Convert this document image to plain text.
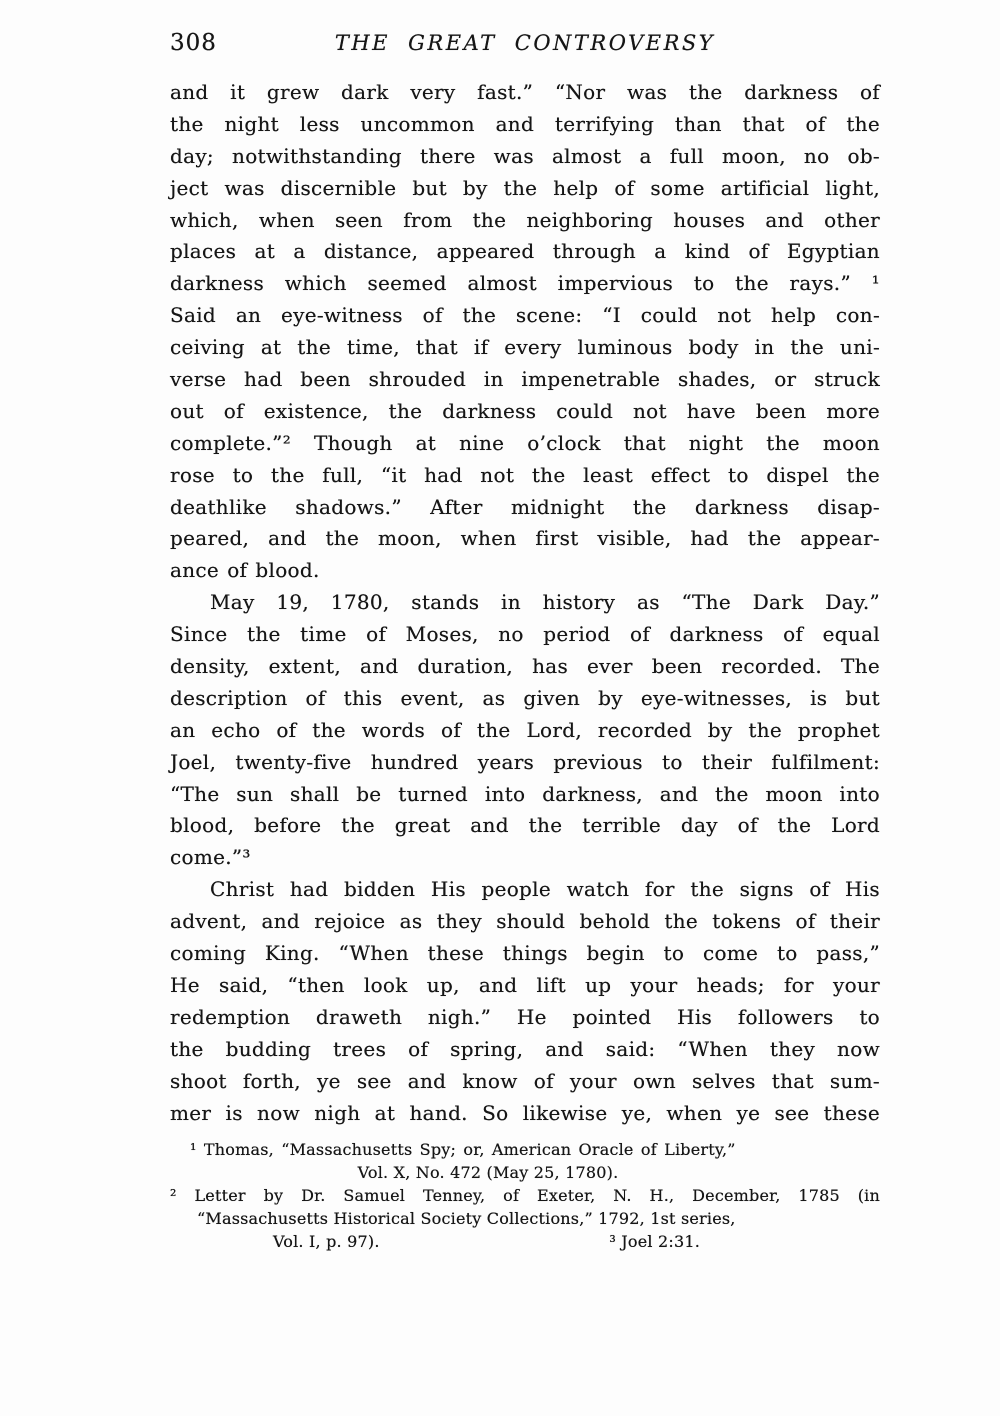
308	THE GREAT CONTROVERSY
and it grew dark very fast.” “Nor was the darkness of
the night less uncommon and terrifying than that of the
day; notwithstanding there was almost a full moon, no ob-
ject was discernible but by the help of some artificial light,
which, when seen from the neighboring houses and other
places at a distance, appeared through a kind of Egyptian
darkness which seemed almost impervious to the rays.” ¹
Said an eye-witness of the scene: “I could not help con-
ceiving at the time, that if every luminous body in the uni-
verse had been shrouded in impenetrable shades, or struck
out of existence, the darkness could not have been more
complete.”² Though at nine o’clock that night the moon
rose to the full, “it had not the least effect to dispel the
deathlike shadows.” After midnight the darkness disap-
peared, and the moon, when first visible, had the appear-
ance of blood.
May 19, 1780, stands in history as “The Dark Day.”
Since the time of Moses, no period of darkness of equal
density, extent, and duration, has ever been recorded. The
description of this event, as given by eye-witnesses, is but
an echo of the words of the Lord, recorded by the prophet
Joel, twenty-five hundred years previous to their fulfilment:
“The sun shall be turned into darkness, and the moon into
blood, before the great and the terrible day of the Lord
come.”³
Christ had bidden His people watch for the signs of His
advent, and rejoice as they should behold the tokens of their
coming King. “When these things begin to come to pass,”
He said, “then look up, and lift up your heads; for your
redemption draweth nigh.” He pointed His followers to
the budding trees of spring, and said: “When they now
shoot forth, ye see and know of your own selves that sum-
mer is now nigh at hand. So likewise ye, when ye see these
¹ Thomas, “Massachusetts Spy; or, American Oracle of Liberty,”
Vol. X, No. 472 (May 25, 1780).
² Letter by Dr. Samuel Tenney, of Exeter, N. H., December, 1785 (in
“Massachusetts Historical Society Collections,” 1792, 1st series,
Vol. I, p. 97).	³ Joel 2:31.
